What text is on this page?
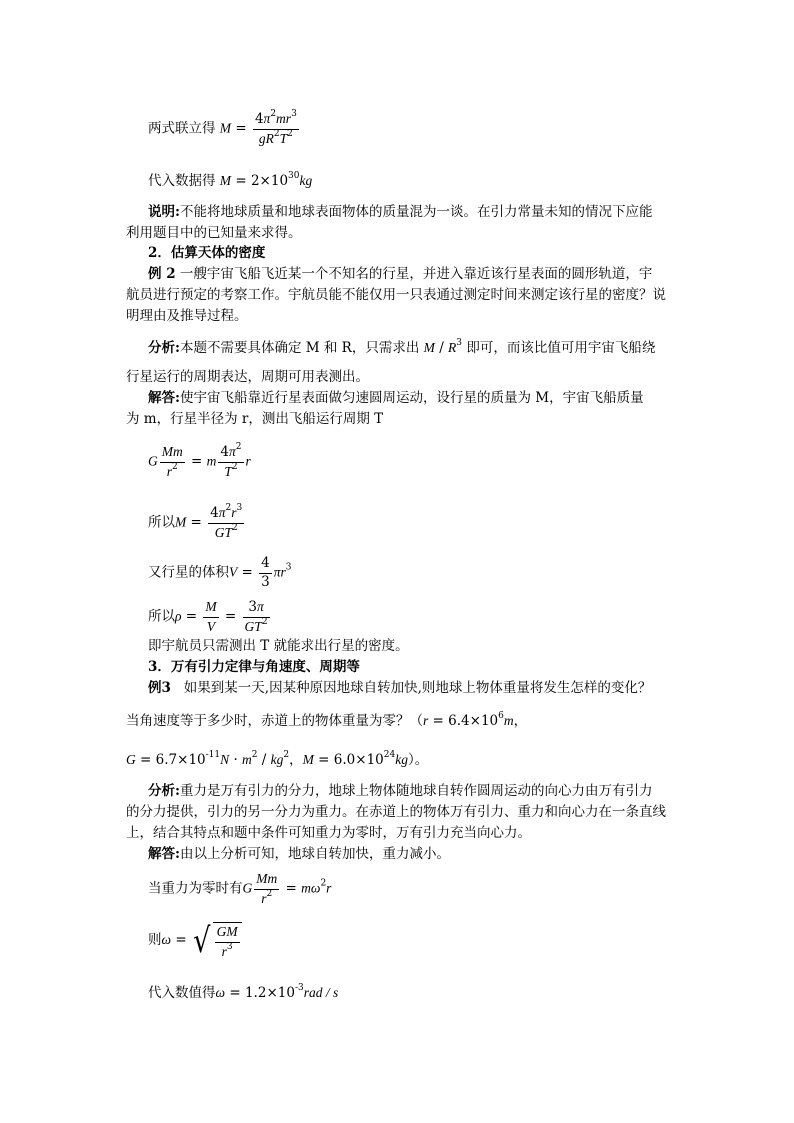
两式联立得 $M = \frac{4\pi^2mr^3}{gR^2T^2}$
代入数据得 $M = 2\times 10^{30}kg$
说明:不能将地球质量和地球表面物体的质量混为一谈。在引力常量未知的情况下应能
利用题目中的已知量来求得。
2．估算天体的密度
例 2 一艘宇宙飞船飞近某一个不知名的行星，并进入靠近该行星表面的圆形轨道，宇
航员进行预定的考察工作。宇航员能不能仅用一只表通过测定时间来测定该行星的密度？说
明理由及推导过程。
分析:本题不需要具体确定 M 和 R，只需求出 M / $R^3$ 即可，而该比值可用宇宙飞船绕
行星运行的周期表达，周期可用表测出。
解答:使宇宙飞船靠近行星表面做匀速圆周运动，设行星的质量为 M，宇宙飞船质量
为 m，行星半径为 r，测出飞船运行周期 T
G $\frac{Mm}{r^2} = m \frac{4\pi^2}{T^2}$ r
所以$M = \frac{4\pi^2r^3}{GT^2}$
又行星的体积$V = \frac{4}{3} \pi r^3$
所以$\rho = \frac{M}{V} = \frac{3\pi}{GT^2}$
即宇航员只需测出 T 就能求出行星的密度。
3．万有引力定律与角速度、周期等
例3 如果到某一天,因某种原因地球自转加快,则地球上物体重量将发生怎样的变化？
当角速度等于多少时，赤道上的物体重量为零？（$r = 6.4\times 10^6m$，
$G = 6.7\times 10^{-11}N \cdot m^2 / kg^2$，$M = 6.0\times 10^{24}kg$）。
分析:重力是万有引力的分力，地球上物体随地球自转作圆周运动的向心力由万有引力
的分力提供，引力的另一分力为重力。在赤道上的物体万有引力、重力和向心力在一条直线
上，结合其特点和题中条件可知重力为零时，万有引力充当向心力。
解答:由以上分析可知，地球自转加快，重力减小。
当重力为零时有G $\frac{Mm}{r^2} = m\omega^2r$
则ω = √ $\frac{GM}{r^3}$
代入数值得$\omega = 1.2\times 10^{-3}rad / s$
